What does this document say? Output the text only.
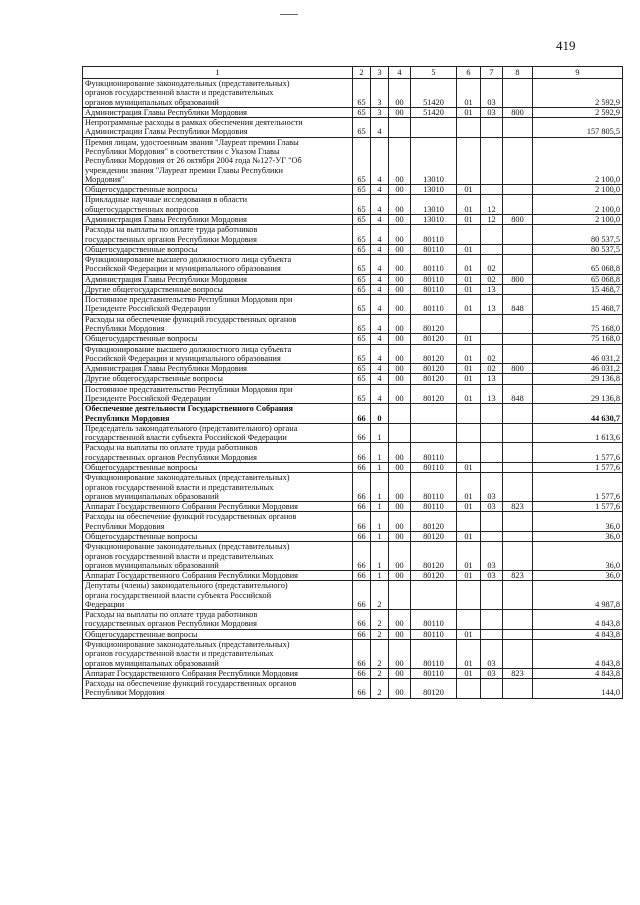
419
1	2	3	4	5	6	7	8	9
Функционирование законодательных (представительных)
органов государственной власти и представительных
органов муниципальных образований	65	3	00	51420	01	03		2 592,9
Администрация Главы Республики Мордовия	65	3	00	51420	01	03	800	2 592,9
Непрограммные расходы в рамках обеспечения деятельности
Администрации Главы Республики Мордовия	65	4						157 805,5
Премия лицам, удостоенным звания "Лауреат премии Главы
Республики Мордовия" в соответствии с Указом Главы
Республики Мордовия от 26 октября 2004 года №127-УГ "Об
учреждении звания "Лауреат премии Главы Республики
Мордовия"	65	4	00	13010				2 100,0
Общегосударственные вопросы	65	4	00	13010	01			2 100,0
Прикладные научные исследования в области
общегосударственных вопросов	65	4	00	13010	01	12		2 100,0
Администрация Главы Республики Мордовия	65	4	00	13010	01	12	800	2 100,0
Расходы на выплаты по оплате труда работников
государственных органов Республики Мордовия	65	4	00	80110				80 537,5
Общегосударственные вопросы	65	4	00	80110	01			80 537,5
Функционирование высшего должностного лица субъекта
Российской Федерации и муниципального образования	65	4	00	80110	01	02		65 068,8
Администрация Главы Республики Мордовия	65	4	00	80110	01	02	800	65 068,8
Другие общегосударственные вопросы	65	4	00	80110	01	13		15 468,7
Постоянное представительство Республики Мордовия при
Президенте Российской Федерации	65	4	00	80110	01	13	848	15 468,7
Расходы на обеспечение функций государственных органов
Республики Мордовия	65	4	00	80120				75 168,0
Общегосударственные вопросы	65	4	00	80120	01			75 168,0
Функционирование высшего должностного лица субъекта
Российской Федерации и муниципального образования	65	4	00	80120	01	02		46 031,2
Администрация Главы Республики Мордовия	65	4	00	80120	01	02	800	46 031,2
Другие общегосударственные вопросы	65	4	00	80120	01	13		29 136,8
Постоянное представительство Республики Мордовия при
Президенте Российской Федерации	65	4	00	80120	01	13	848	29 136,8
Обеспечение деятельности Государственного Собрания
Республики Мордовия	66	0						44 630,7
Председатель законодательного (представительного) органа
государственной власти субъекта Российской Федерации	66	1						1 613,6
Расходы на выплаты по оплате труда работников
государственных органов Республики Мордовия	66	1	00	80110				1 577,6
Общегосударственные вопросы	66	1	00	80110	01			1 577,6
Функционирование законодательных (представительных)
органов государственной власти и представительных
органов муниципальных образований	66	1	00	80110	01	03		1 577,6
Аппарат Государственного Собрания Республики Мордовия	66	1	00	80110	01	03	823	1 577,6
Расходы на обеспечение функций государственных органов
Республики Мордовия	66	1	00	80120				36,0
Общегосударственные вопросы	66	1	00	80120	01			36,0
Функционирование законодательных (представительных)
органов государственной власти и представительных
органов муниципальных образований	66	1	00	80120	01	03		36,0
Аппарат Государственного Собрания Республики Мордовия	66	1	00	80120	01	03	823	36,0
Депутаты (члены) законодательного (представительного)
органа государственной власти субъекта Российской
Федерации	66	2						4 987,8
Расходы на выплаты по оплате труда работников
государственных органов Республики Мордовия	66	2	00	80110				4 843,8
Общегосударственные вопросы	66	2	00	80110	01			4 843,8
Функционирование законодательных (представительных)
органов государственной власти и представительных
органов муниципальных образований	66	2	00	80110	01	03		4 843,8
Аппарат Государственного Собрания Республики Мордовия	66	2	00	80110	01	03	823	4 843,8
Расходы на обеспечение функций государственных органов
Республики Мордовия	66	2	00	80120				144,0
